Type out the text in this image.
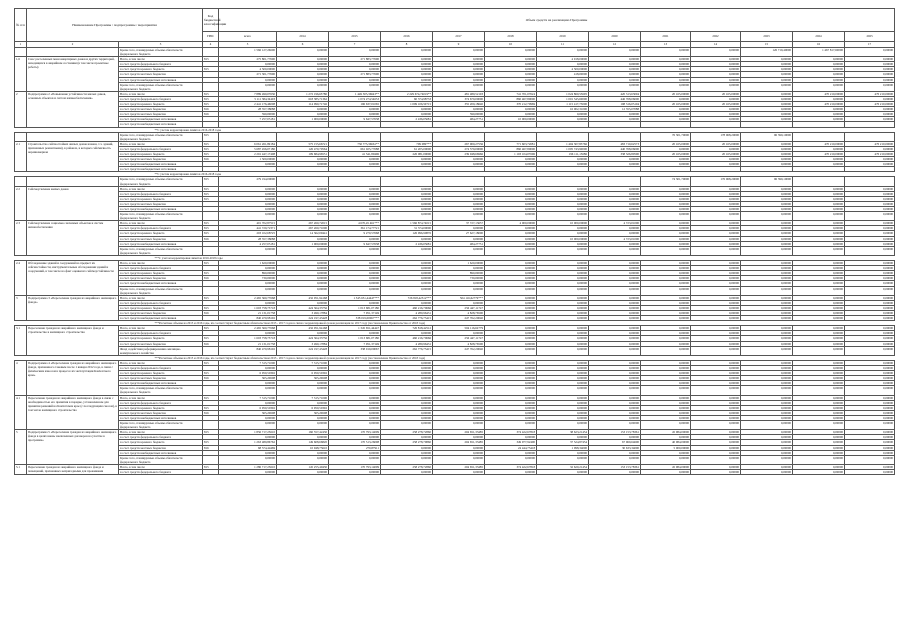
№ п/п	Наименование Программы / подпрограммы / мероприятия		Код бюджетной классификации	Объем средств на реализацию Программы												
			ГРБС	всего	2014	2015	2016	2017	2018	2019	2020	2021	2022	2023	2024	2025
1	2	3	4	5	6	7	8	9	10	11	12	13	14	15	16	17
		Кроме того, планируемые объемы обязательств федерального бюджета		1 566 127,26600	0,00000	0,00000	0,00000	0,00000	0,00000	0,00000	0,00000	0,00000	0,00000	126 719,40000	1 467 817,60000	0,00000
1.6	Снос расселенных многоквартирных домов и других территорий, находящихся в аварийном состоянии (в том числе проектные работы)	Всего, в том числе:	815	275 801,77690	0,00000	271 883,77690	0,00000	0,00000	0,00000	4 918,00000	0,00000	0,00000	0,00000	0,00000	0,00000	0,00000
		за счет средств федерального бюджета		0,00000	0,00000	0,00000	0,00000	0,00000	0,00000	0,00000	0,00000	0,00000	0,00000	0,00000	0,00000	0,00000
		за счет средств краевого бюджета	815	4 500,00000	0,00000	0,00000	0,00000	0,00000	0,00000	4 500,00000	0,00000	0,00000	0,00000	0,00000	0,00000	0,00000
		за счет средств местных бюджетов		271 301,77690	0,00000	271 883,77690	0,00000	0,00000	0,00000	418,00000	0,00000	0,00000	0,00000	0,00000	0,00000	0,00000
		за счет средств внебюджетных источников		0,00000	0,00000	0,00000	0,00000	0,00000	0,00000	0,00000	0,00000	0,00000	0,00000	0,00000	0,00000	0,00000
		Кроме того, планируемые объемы обязательств федерального бюджета		0,00000	0,00000	0,00000	0,00000	0,00000	0,00000	0,00000	0,00000	0,00000	0,00000	0,00000	0,00000	0,00000
2	Подпрограмма 2 «Повышение устойчивости жилых домов, основных объектов и систем жизнеобеспечения»	Всего, в том числе:	815	7 889 490,07630	1 272 196,65780	1 449 305,36643**	2 229 674,74019**	481 489,52103	741 701,07624	1 024 860,53695	420 313,63094	20 165,00000	20 165,00000	0,00000	470 210,00000	470 210,00000
		за счет средств федерального бюджета	815	5 111 384,34493	618 385,71362	1 074 274,54653	60 374,98733	374 679,00000	860 467,80000	1 001 545,60000	446 768,06000	0,00000	0,00000	0,00000	0,00000	0,00000
		за счет средств краевого бюджета	815	2 441 176,46008	114 090,71746	196 637,01065	1 099 106,50715	355 209,18640	370 212,70969	1 115 417,73000	198 316,05104	20 165,00000	20 165,00000	0,00000	470 210,00000	470 210,00000
		за счет средств местных бюджетов	816	28 357,38088	0,00000	0,00000	0,00000	0,00000	0,00000	16 002,31000	12 355,07088	0,00000	0,00000	0,00000	0,00000	0,00000
		за счет средств местных бюджетов	816	590,00000	0,00000	0,00000	0,00000	590,00000	0,00000	0,00000	0,00000	0,00000	0,00000	0,00000	0,00000	0,00000
		за счет средств внебюджетных источников		7 257,05181	1 000,00000	9 647,57638	2 436,05681	484,27751	10 000,00000	0,00000	0,00000	0,00000	0,00000	0,00000	0,00000	0,00000
		за счет средств внебюджетных источников														
**С учетом корректировки лимитов 2016-2018 годы																
		Кроме того, планируемые объемы обязательств федерального бюджета	815									76 301,70000	178 068,20000	96 399,10000		
2.1	Строительство сейсмостойких жилых домов взамен, т.ч. зданий, признанных ремонтными), в районах, в которых сейсмичность неравномерная	Всего, в том числе:	815	6 061 261,89184	575 155,66721	730 775,36661**	709 089***	267 900,27536	771 603,72681	1 404 307,83766	483 710,62573	20 165,00000	20 165,00000	0,00000	470 210,00000	470 210,00000
		за счет средств федерального бюджета	815	5 687 456,07180	126 470,70564	661 025,77688	61 205,00000	274 579,00000	860 467,80000	1 005 743,90000	440 768,06000	0,00000	0,00000	0,00000	0,00000	0,00000
		за счет средств краевого бюджета	815	2 291 447,17408	109 684,96551	41 541,89496	226 081,00000	239 948,66966	1 103 104,07696	196 111,15686	338 326,80590	20 165,00000	20 165,00000	0,00000	470 210,00000	470 210,00000
		за счет средств местных бюджетов	816	1 500,00000	0,00000	0,00000	0,00000	0,00000	0,00000	0,00000	0,00000	0,00000	0,00000	0,00000	0,00000	0,00000
		за счет средств внебюджетных источников		0,00000	0,00000	0,00000	0,00000	0,00000	0,00000	0,00000	0,00000	0,00000	0,00000	0,00000	0,00000	0,00000
		за счет средств внебюджетных источников														
**С учетом корректировки лимитов 2016-2018 годы																
		Кроме того, планируемые объемы обязательств федерального бюджета	815	279 194,00000								74 301,70000	176 068,20000	96 399,10000		
2.2	Сейсмоусиление жилых домов	Всего, в том числе:	815	0,00000	0,00000	0,00000	0,00000	0,00000	0,00000	0,00000	0,00000	0,00000	0,00000	0,00000	0,00000	0,00000
		за счет средств федерального бюджета	815	0,00000	0,00000	0,00000	0,00000	0,00000	0,00000	0,00000	0,00000	0,00000	0,00000	0,00000	0,00000	0,00000
		за счет средств краевого бюджета	815	0,00000	0,00000	0,00000	0,00000	0,00000	0,00000	0,00000	0,00000	0,00000	0,00000	0,00000	0,00000	0,00000
		за счет средств местных бюджетов		0,00000	0,00000	0,00000	0,00000	0,00000	0,00000	0,00000	0,00000	0,00000	0,00000	0,00000	0,00000	0,00000
		за счет средств внебюджетных источников		0,00000	0,00000	0,00000	0,00000	0,00000	0,00000	0,00000	0,00000	0,00000	0,00000	0,00000	0,00000	0,00000
		Кроме того, планируемые объемы обязательств федерального бюджета		0,00000	0,00000	0,00000	0,00000	0,00000	0,00000	0,00000	0,00000	0,00000	0,00000	0,00000	0,00000	0,00000
2.3	Сейсмоусиление социально значимых объектов и систем жизнеобеспечения	Всего, в том числе:	815	401 702,87515	267 260,72015	4 670,45 461***	1 566 874,74015	37 727,13657	4 000,00000	10 000,00000	4 723,01000	0,00000	0,00000	0,00000	0,00000	0,00000
		за счет средств федерального бюджета	815	441 729,72371	267 260,71000	361 174,77721	31 374,00000	0,00000	0,00000	0,00000	0,00000	0,00000	0,00000	0,00000	0,00000	0,00000
		за счет средств краевого бюджета	815	203 102,68725	14 362,09441	9 270,57668	126 996,90876	27 627,18000	0,00000	0,00000	0,00000	0,00000	0,00000	0,00000	0,00000	0,00000
		за счет средств местных бюджетов	816	28 357,38088	0,00000	0,00000	0,00000	0,00000	0,00000	10 000,00000	4 723,01000	0,00000	0,00000	0,00000	0,00000	0,00000
		за счет средств внебюджетных источников		4 257,05181	1 000,00000	9 647,57638	2 436,05681	484,27751	0,00000	0,00000	0,00000	0,00000	0,00000	0,00000	0,00000	0,00000
		Кроме того, планируемые объемы обязательств федерального бюджета		0,00000	0,00000	0,00000	0,00000	0,00000	0,00000	0,00000	0,00000	0,00000	0,00000	0,00000	0,00000	0,00000
***С учетом корректировки лимитов 2016-2018 годы																
2.4	Обследование зданий и сооружений на предмет их сейсмостойкости, инструментальные обследования зданий и сооружений, в том числе на факт оценки их сейсмоустойчивости	Всего, в том числе:	815	1 620,00000	0,00000	0,00000	0,00000	1 620,00000	0,00000	0,00000	0,00000	0,00000	0,00000	0,00000	0,00000	0,00000
		за счет средств федерального бюджета		0,00000	0,00000	0,00000	0,00000	0,00000	0,00000	0,00000	0,00000	0,00000	0,00000	0,00000	0,00000	0,00000
		за счет средств краевого бюджета	815	890,00000	0,00000	0,00000	0,00000	890,00000	0,00000	0,00000	0,00000	0,00000	0,00000	0,00000	0,00000	0,00000
		за счет средств местных бюджетов	816	730,00000	0,00000	0,00000	0,00000	730,00000	0,00000	0,00000	0,00000	0,00000	0,00000	0,00000	0,00000	0,00000
		за счет средств внебюджетных источников		0,00000	0,00000	0,00000	0,00000	0,00000	0,00000	0,00000	0,00000	0,00000	0,00000	0,00000	0,00000	0,00000
		Кроме того, планируемые объемы обязательств федерального бюджета		0,00000	0,00000	0,00000	0,00000	0,00000	0,00000	0,00000	0,00000	0,00000	0,00000	0,00000	0,00000	0,00000
3	Подпрограмма 3 «Переселение граждан из аварийного жилищного фонда»	Всего, в том числе:	815	2 465 360,77668	432 051,94168	1 345 651,44447***	726 818,42512***	504 116,62779***	0,00000	0,00000	0,00000	0,00000	0,00000	0,00000	0,00000	0,00000
		за счет средств федерального бюджета		0,00000	0,00000	0,00000	0,00000	0,00000	0,00000	0,00000	0,00000	0,00000	0,00000	0,00000	0,00000	0,00000
		за счет средств краевого бюджета	815	1 603 758,75718	424 364,33756	1 013 681,07180	460 216,70666	256 447,11747	0,00000	0,00000	0,00000	0,00000	0,00000	0,00000	0,00000	0,00000
		за счет средств местных бюджетов	816	21 131,01758	3 490,17884	7 951,37149	4 280,96431	4 828,76500	0,00000	0,00000	0,00000	0,00000	0,00000	0,00000	0,00000	0,00000
		за счет средств внебюджетных источников		840 470,98192	224 197,43428	338 019,00067***	262 776,75415	247 762,20040	0,00000	0,00000	0,00000	0,00000	0,00000	0,00000	0,00000	0,00000
***Расчетные объемы на 2015 и 2016 годы, их соответствуют бюджетным обязательствам 2015 - 2017 годов в связи с корректировкой сроков реализации по 2017 году (постановление Правительства от 2018 года)																
3.1	Переселение граждан из аварийного жилищного фонда и строительство в жилищного строительства	Всего, в том числе:	815	2 465 360,77668	432 051,94168	1 345 651,44447	726 818,42512	504 116,62779	0,00000	0,00000	0,00000	0,00000	0,00000	0,00000	0,00000	0,00000
		за счет средств федерального бюджета		0,00000	0,00000	0,00000	0,00000	0,00000	0,00000	0,00000	0,00000	0,00000	0,00000	0,00000	0,00000	0,00000
		за счет средств краевого бюджета	815	1 603 758,75718	424 364,33756	1 013 681,07180	460 216,70666	256 447,11747	0,00000	0,00000	0,00000	0,00000	0,00000	0,00000	0,00000	0,00000
		за счет средств местных бюджетов	816	21 131,01758	3 490,17884	7 951,37149	4 280,96431	4 828,76500	0,00000	0,00000	0,00000	0,00000	0,00000	0,00000	0,00000	0,00000
		Фонд содействия реформированию жилищно-коммунального хозяйства		840 470,98192	224 197,43428	338 019,00067	262 776,75415	247 762,20040	0,00000	0,00000	0,00000	0,00000	0,00000	0,00000	0,00000	0,00000
***Расчетные объемы на 2015 и 2016 годы, их соответствуют бюджетным обязательствам 2015 - 2017 годов в связи с корректировкой сроков реализации по 2017 году (постановление Правительства от 2018 года)																
4	Подпрограмма 4 «Переселение граждан из аварийного жилищного фонда, признанного таковым после 1 января 2012 года, в связи с физическим износом в процессе их эксплуатации Камчатского края»	Всего, в том числе:	815	7 315,71000	7 315,71000	0,00000	0,00000	0,00000	0,00000	0,00000	0,00000	0,00000	0,00000	0,00000	0,00000	0,00000
		за счет средств федерального бюджета		0,00000	0,00000	0,00000	0,00000	0,00000	0,00000	0,00000	0,00000	0,00000	0,00000	0,00000	0,00000	0,00000
		за счет средств краевого бюджета	815	6 950,50392	6 950,50392	0,00000	0,00000	0,00000	0,00000	0,00000	0,00000	0,00000	0,00000	0,00000	0,00000	0,00000
		за счет средств местных бюджетов	816	365,20608	365,20608	0,00000	0,00000	0,00000	0,00000	0,00000	0,00000	0,00000	0,00000	0,00000	0,00000	0,00000
		за счет средств внебюджетных источников		0,00000	0,00000	0,00000	0,00000	0,00000	0,00000	0,00000	0,00000	0,00000	0,00000	0,00000	0,00000	0,00000
		Кроме того, планируемые объемы обязательств федерального бюджета		0,00000	0,00000	0,00000	0,00000	0,00000	0,00000	0,00000	0,00000	0,00000	0,00000	0,00000	0,00000	0,00000
4.1	Переселение граждан из аварийного жилищного фонда в связи с необходимостью его принятия в порядке, установленном для принятия решений на Камчатском крае (с последующим сносом), в том числе жилищного строительства	Всего, в том числе:	815	7 315,71000	7 315,71000	0,00000	0,00000	0,00000	0,00000	0,00000	0,00000	0,00000	0,00000	0,00000	0,00000	0,00000
		за счет средств федерального бюджета		0,00000	0,00000	0,00000	0,00000	0,00000	0,00000	0,00000	0,00000	0,00000	0,00000	0,00000	0,00000	0,00000
		за счет средств краевого бюджета	815	6 950,50392	6 950,50392	0,00000	0,00000	0,00000	0,00000	0,00000	0,00000	0,00000	0,00000	0,00000	0,00000	0,00000
		за счет средств местных бюджетов	816	365,20608	365,20608	0,00000	0,00000	0,00000	0,00000	0,00000	0,00000	0,00000	0,00000	0,00000	0,00000	0,00000
		за счет средств внебюджетных источников		0,00000	0,00000	0,00000	0,00000	0,00000	0,00000	0,00000	0,00000	0,00000	0,00000	0,00000	0,00000	0,00000
		Кроме того, планируемые объемы обязательств федерального бюджета		0,00000	0,00000	0,00000	0,00000	0,00000	0,00000	0,00000	0,00000	0,00000	0,00000	0,00000	0,00000	0,00000
5	Подпрограмма 5 «Переселение граждан из аварийного жилищного фонда в целях вновь заключенных договоров на участие в программе»	Всего, в том числе:	815	1 856 717,25610	160 557,42430	170 793,14009	258 278,72860	204 651,33485	374 422,67818	38 623,21454	153 153,78361	45 984,00000	0,00000	0,00000	0,00000	0,00000
		за счет средств федерального бюджета		0,00000	0,00000	0,00000	0,00000	0,00000	0,00000	0,00000	0,00000	0,00000	0,00000	0,00000	0,00000	0,00000
		за счет средств краевого бюджета	815	1 263 489,86762	149 608,66820	170 513,26098	258 278,79860	204 651,33485	349 977,92400	37 524,87454	67 969,64600	40 984,00000	0,00000	0,00000	0,00000	0,00000
		за счет средств местных бюджетов	816	68 574,44469	10 948,75610	279,87911	0,00000	0,00000	24 444,75418	1 098,34000	30 633,34000	5 000,00000	0,00000	0,00000	0,00000	0,00000
		за счет средств внебюджетных источников		0,00000	0,00000	0,00000	0,00000	0,00000	0,00000	0,00000	0,00000	0,00000	0,00000	0,00000	0,00000	0,00000
		Кроме того, планируемые объемы обязательств федерального бюджета		0,00000	0,00000	0,00000	0,00000	0,00000	0,00000	0,00000	0,00000	0,00000	0,00000	0,00000	0,00000	0,00000
5.1	Переселение граждан из аварийного жилищного фонда и помещений, признанных непригодными для проживания	Всего, в том числе:	815	1 286 717,25610	145 255,40430	170 793,14009	258 278,72860	204 651,33485	374 422,67818	32 620,21454	153 153,78361	45 984,00000	0,00000	0,00000	0,00000	0,00000
		за счет средств федерального бюджета		0,00000	0,00000	0,00000	0,00000	0,00000	0,00000	0,00000	0,00000	0,00000	0,00000	0,00000	0,00000	0,00000
